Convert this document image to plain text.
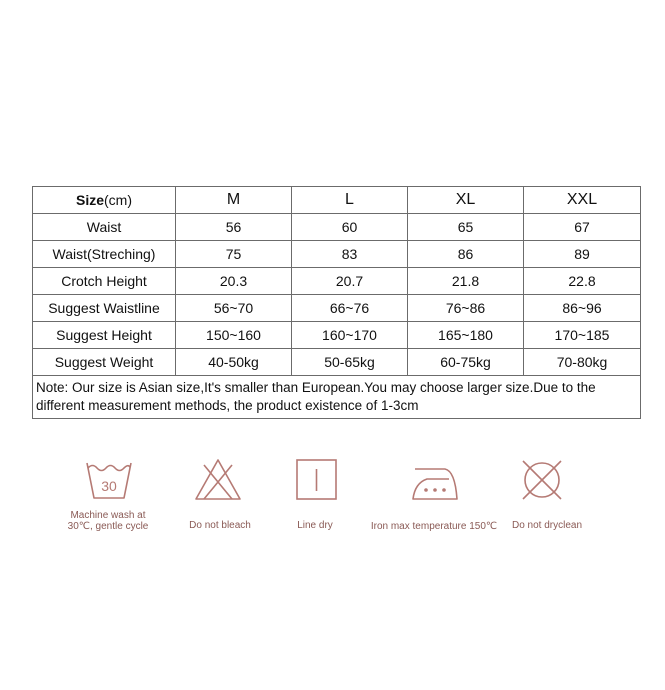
Size(cm)	M	L	XL	XXL
Waist	56	60	65	67
Waist(Streching)	75	83	86	89
Crotch Height	20.3	20.7	21.8	22.8
Suggest Waistline	56~70	66~76	76~86	86~96
Suggest Height	150~160	160~170	165~180	170~185
Suggest Weight	40-50kg	50-65kg	60-75kg	70-80kg
Note: Our size is Asian size,It's smaller than European.You may choose larger size.Due to the different measurement methods, the product existence of 1-3cm				
30
Machine wash at
30℃, gentle cycle	Do not bleach	Line dry	Iron max temperature 150℃	Do not dryclean
